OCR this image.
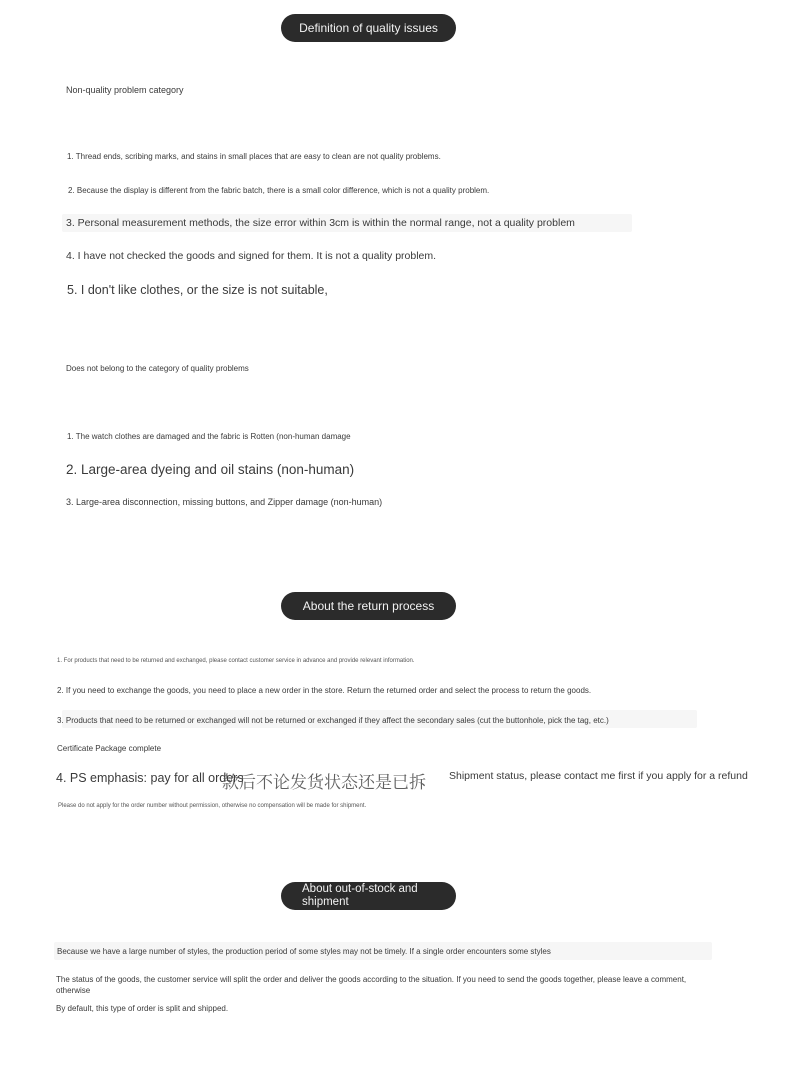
Definition of quality issues
Non-quality problem category
1. Thread ends, scribing marks, and stains in small places that are easy to clean are not quality problems.
2. Because the display is different from the fabric batch, there is a small color difference, which is not a quality problem.
3. Personal measurement methods, the size error within 3cm is within the normal range, not a quality problem
4. I have not checked the goods and signed for them. It is not a quality problem.
5. I don't like clothes, or the size is not suitable,
Does not belong to the category of quality problems
1. The watch clothes are damaged and the fabric is Rotten (non-human damage
2. Large-area dyeing and oil stains (non-human)
3. Large-area disconnection, missing buttons, and Zipper damage (non-human)
About the return process
1. For products that need to be returned and exchanged, please contact customer service in advance and provide relevant information.
2. If you need to exchange the goods, you need to place a new order in the store. Return the returned order and select the process to return the goods.
3. Products that need to be returned or exchanged will not be returned or exchanged if they affect the secondary sales (cut the buttonhole, pick the tag, etc.)
Certificate Package complete
4. PS emphasis: pay for all orders
款后不论发货状态还是已拆 Shipment status, please contact me first if you apply for a refund
Please do not apply for the order number without permission, otherwise no compensation will be made for shipment.
About out-of-stock and shipment
Because we have a large number of styles, the production period of some styles may not be timely. If a single order encounters some styles
The status of the goods, the customer service will split the order and deliver the goods according to the situation. If you need to send the goods together, please leave a comment, otherwise
By default, this type of order is split and shipped.
